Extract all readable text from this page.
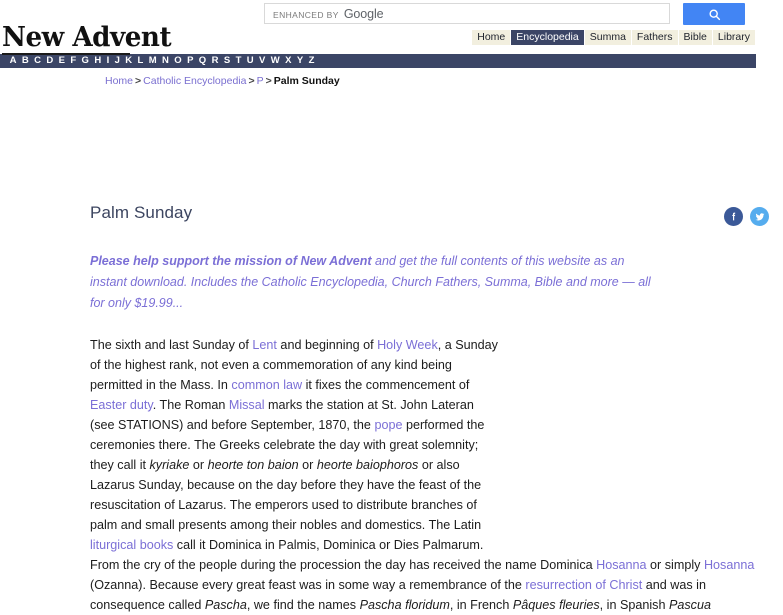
ENHANCED BY Google
New Advent	Home	Encyclopedia	Summa	Fathers	Bible	Library
A B C D E F G H I J K L M N O P Q R S T U V W X Y Z
Home > Catholic Encyclopedia > P > Palm Sunday
Palm Sunday

Please help support the mission of New Advent and get the full contents of this website as an instant download. Includes the Catholic Encyclopedia, Church Fathers, Summa, Bible and more — all for only $19.99...

The sixth and last Sunday of Lent and beginning of Holy Week, a Sunday of the highest rank, not even a commemoration of any kind being permitted in the Mass. In common law it fixes the commencement of Easter duty. The Roman Missal marks the station at St. John Lateran (see STATIONS) and before September, 1870, the pope performed the ceremonies there. The Greeks celebrate the day with great solemnity; they call it kyriake or heorte ton baion or heorte baiophoros or also Lazarus Sunday, because on the day before they have the feast of the resuscitation of Lazarus. The emperors used to distribute branches of palm and small presents among their nobles and domestics. The Latin liturgical books call it Dominica in Palmis, Dominica or Dies Palmarum. From the cry of the people during the procession the day has received the name Dominica Hosanna or simply Hosanna (Ozanna). Because every great feast was in some way a remembrance of the resurrection of Christ and was in consequence called Pascha, we find the names Pascha floridum, in French Pâques fleuries, in Spanish Pascua
